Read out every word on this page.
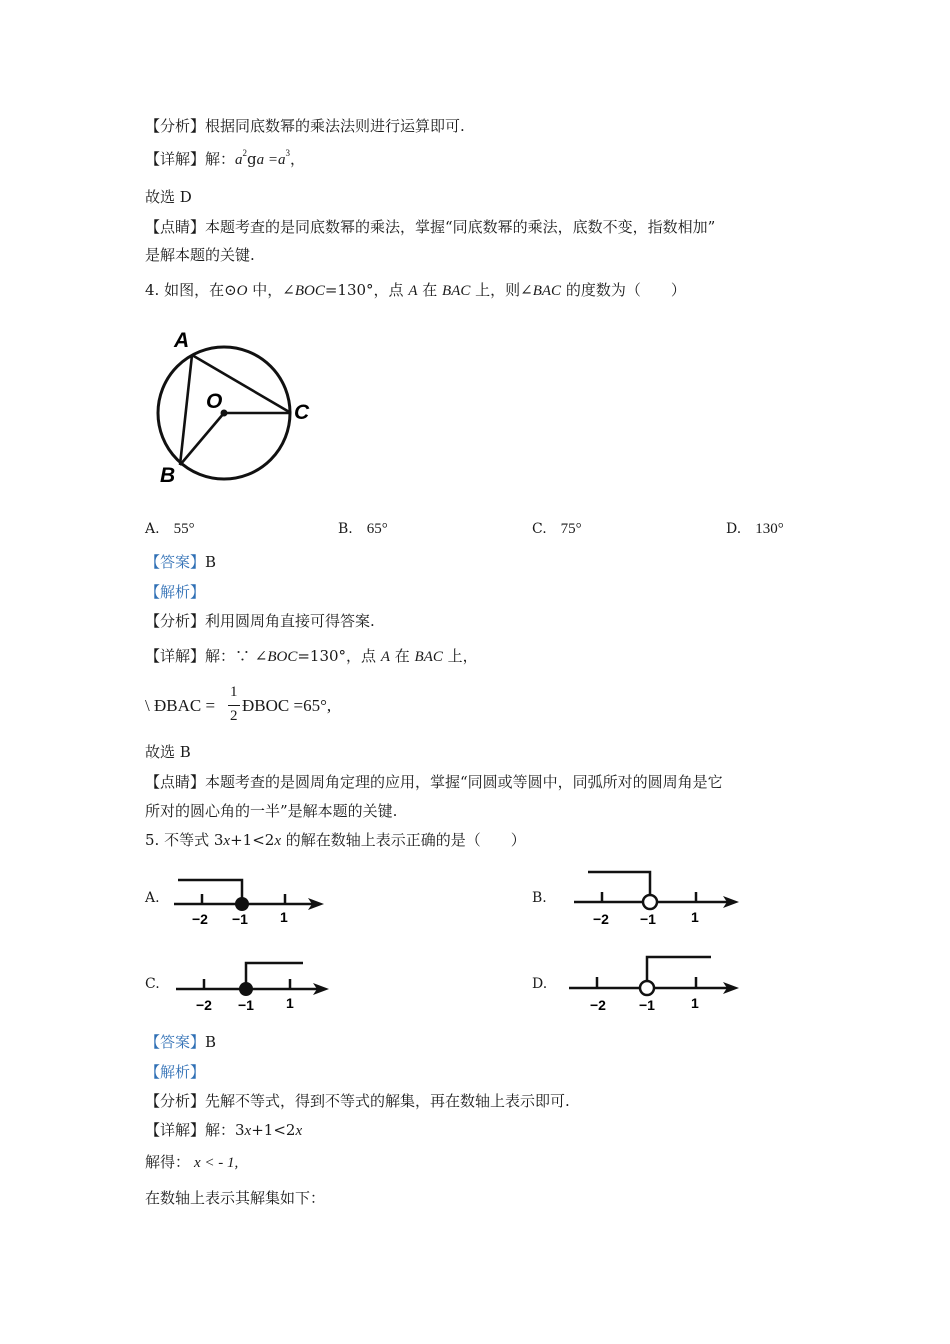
【分析】根据同底数幂的乘法法则进行运算即可.
【详解】解：$a^2ga =a^3$，
故选 D
【点睛】本题考查的是同底数幂的乘法，掌握“同底数幂的乘法，底数不变，指数相加”
是解本题的关键.
4. 如图，在⊙O 中，∠BOC=130°，点 A 在 BAC 上，则∠BAC 的度数为（　　）
A
O	C
B
A. 55°	B. 65°	C. 75°	D. 130°
【答案】B
【解析】
【分析】利用圆周角直接可得答案.
【详解】解：∵ ∠BOC=130°，点 A 在 BAC 上，
\ ÐBAC =
1
2
ÐBOC =65°,
故选 B
【点睛】本题考查的是圆周角定理的应用，掌握“同圆或等圆中，同弧所对的圆周角是它
所对的圆心角的一半”是解本题的关键.
5. 不等式 3x+1<2x 的解在数轴上表示正确的是（　　）
A.
−2 −1 1
B.
−2 −1	1
C.
−2 −1 1
D.
−2 −1	1
【答案】B
【解析】
【分析】先解不等式，得到不等式的解集，再在数轴上表示即可.
【详解】解：3x+1<2x
解得： x < - 1,
在数轴上表示其解集如下：
